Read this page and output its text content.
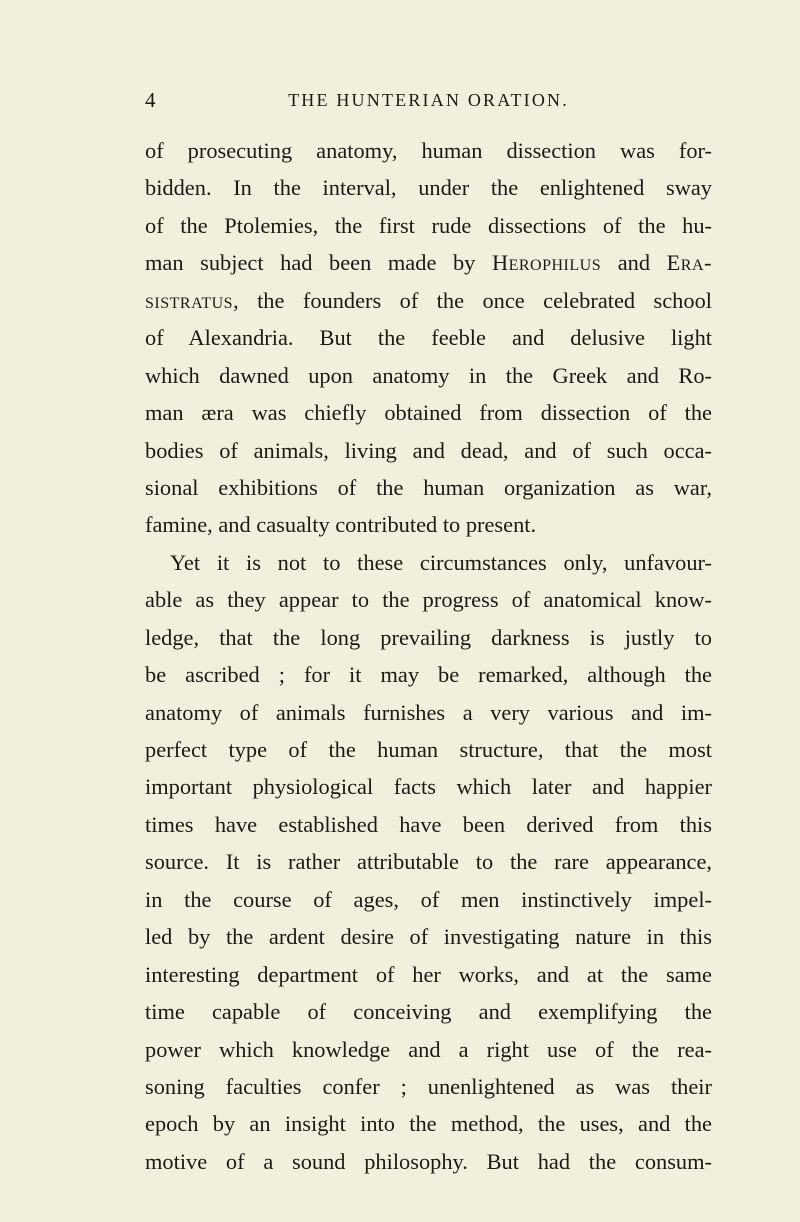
4	THE HUNTERIAN ORATION.
of prosecuting anatomy, human dissection was for-
bidden. In the interval, under the enlightened sway
of the Ptolemies, the first rude dissections of the hu-
man subject had been made by Herophilus and Era-
sistratus, the founders of the once celebrated school
of Alexandria. But the feeble and delusive light
which dawned upon anatomy in the Greek and Ro-
man æra was chiefly obtained from dissection of the
bodies of animals, living and dead, and of such occa-
sional exhibitions of the human organization as war,
famine, and casualty contributed to present.
Yet it is not to these circumstances only, unfavour-
able as they appear to the progress of anatomical know-
ledge, that the long prevailing darkness is justly to
be ascribed ; for it may be remarked, although the
anatomy of animals furnishes a very various and im-
perfect type of the human structure, that the most
important physiological facts which later and happier
times have established have been derived from this
source. It is rather attributable to the rare appearance,
in the course of ages, of men instinctively impel-
led by the ardent desire of investigating nature in this
interesting department of her works, and at the same
time capable of conceiving and exemplifying the
power which knowledge and a right use of the rea-
soning faculties confer ; unenlightened as was their
epoch by an insight into the method, the uses, and the
motive of a sound philosophy. But had the consum-
